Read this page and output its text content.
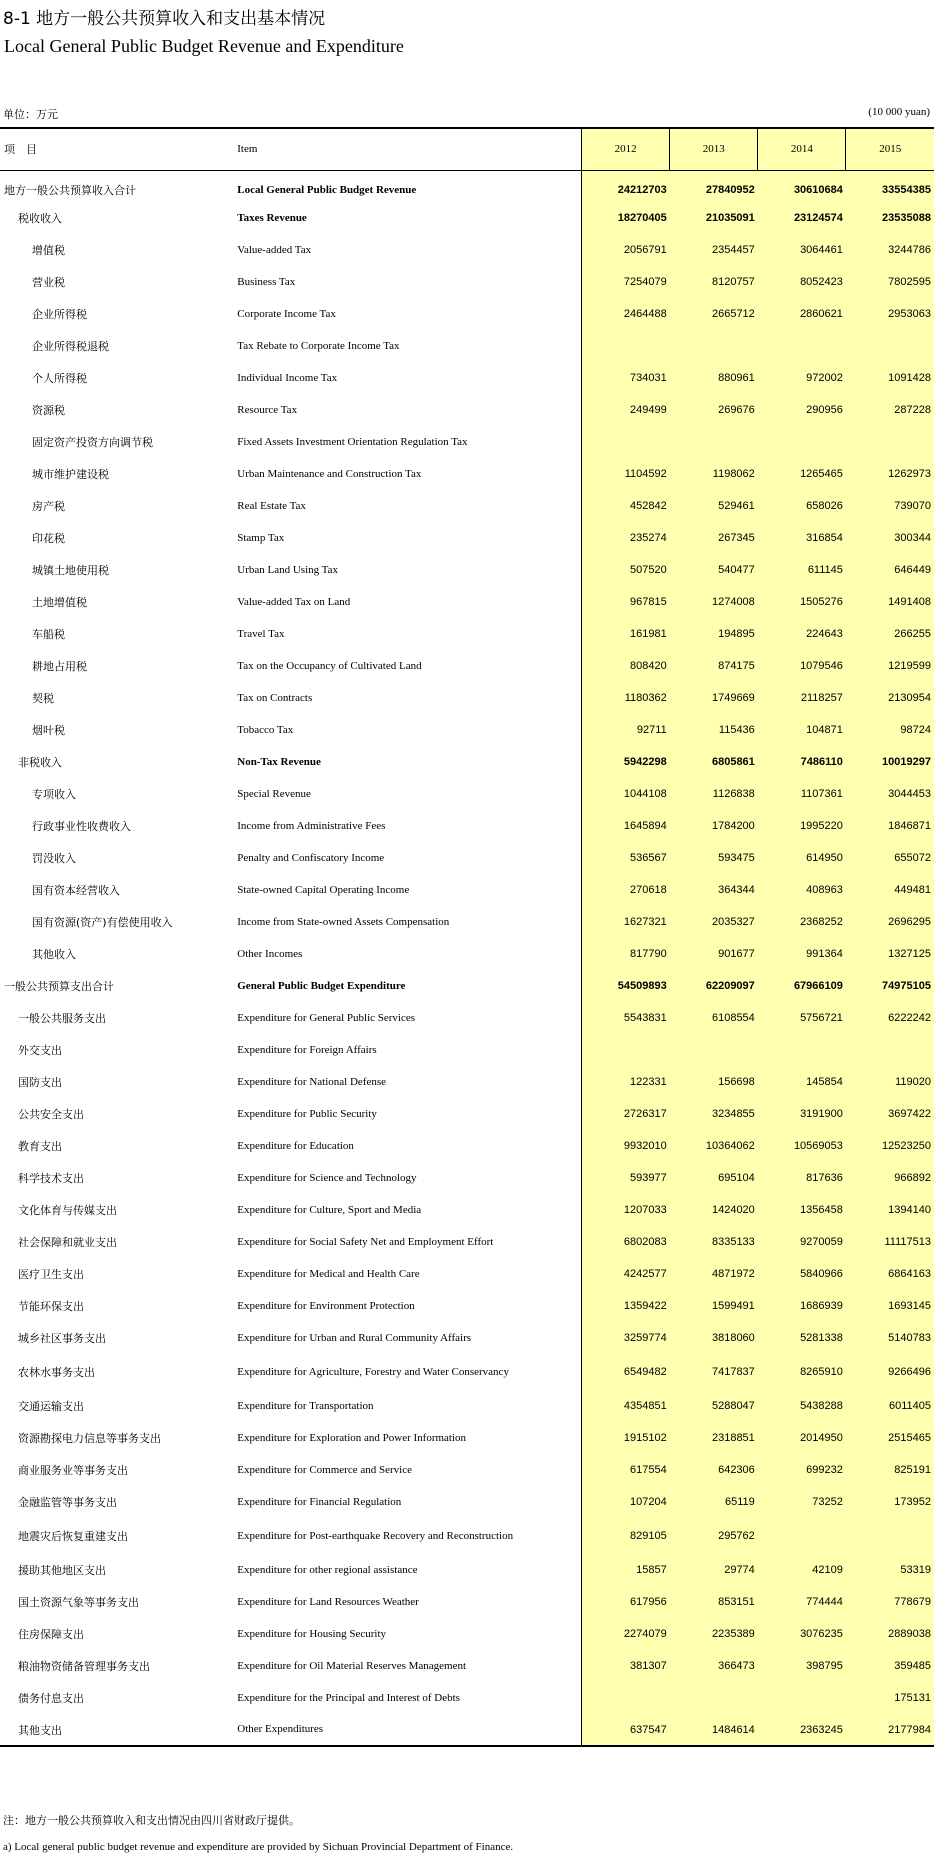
8-1 地方一般公共预算收入和支出基本情况
Local General Public Budget Revenue and Expenditure
单位：万元	(10 000 yuan)
项　目	Item	2012	2013	2014	2015
地方一般公共预算收入合计	Local General Public Budget Revenue	24212703	27840952	30610684	33554385
税收收入	Taxes Revenue	18270405	21035091	23124574	23535088
增值税	Value-added Tax	2056791	2354457	3064461	3244786
营业税	Business Tax	7254079	8120757	8052423	7802595
企业所得税	Corporate Income Tax	2464488	2665712	2860621	2953063
企业所得税退税	Tax Rebate to Corporate Income Tax				
个人所得税	Individual Income Tax	734031	880961	972002	1091428
资源税	Resource Tax	249499	269676	290956	287228
固定资产投资方向调节税	Fixed Assets Investment Orientation Regulation Tax				
城市维护建设税	Urban Maintenance and Construction Tax	1104592	1198062	1265465	1262973
房产税	Real Estate Tax	452842	529461	658026	739070
印花税	Stamp Tax	235274	267345	316854	300344
城镇土地使用税	Urban Land Using Tax	507520	540477	611145	646449
土地增值税	Value-added Tax on Land	967815	1274008	1505276	1491408
车船税	Travel Tax	161981	194895	224643	266255
耕地占用税	Tax on the Occupancy of Cultivated Land	808420	874175	1079546	1219599
契税	Tax on Contracts	1180362	1749669	2118257	2130954
烟叶税	Tobacco Tax	92711	115436	104871	98724
非税收入	Non-Tax Revenue	5942298	6805861	7486110	10019297
专项收入	Special Revenue	1044108	1126838	1107361	3044453
行政事业性收费收入	Income from Administrative Fees	1645894	1784200	1995220	1846871
罚没收入	Penalty and Confiscatory Income	536567	593475	614950	655072
国有资本经营收入	State-owned Capital Operating Income	270618	364344	408963	449481
国有资源(资产)有偿使用收入	Income from State-owned Assets Compensation	1627321	2035327	2368252	2696295
其他收入	Other Incomes	817790	901677	991364	1327125
一般公共预算支出合计	General Public Budget Expenditure	54509893	62209097	67966109	74975105
一般公共服务支出	Expenditure for General Public Services	5543831	6108554	5756721	6222242
外交支出	Expenditure for Foreign Affairs				
国防支出	Expenditure for National Defense	122331	156698	145854	119020
公共安全支出	Expenditure for Public Security	2726317	3234855	3191900	3697422
教育支出	Expenditure for Education	9932010	10364062	10569053	12523250
科学技术支出	Expenditure for Science and Technology	593977	695104	817636	966892
文化体育与传媒支出	Expenditure for Culture, Sport and Media	1207033	1424020	1356458	1394140
社会保障和就业支出	Expenditure for Social Safety Net and Employment Effort	6802083	8335133	9270059	11117513
医疗卫生支出	Expenditure for Medical and Health Care	4242577	4871972	5840966	6864163
节能环保支出	Expenditure for Environment Protection	1359422	1599491	1686939	1693145
城乡社区事务支出	Expenditure for Urban and Rural Community Affairs	3259774	3818060	5281338	5140783
农林水事务支出	Expenditure for Agriculture, Forestry and Water Conservancy	6549482	7417837	8265910	9266496
交通运输支出	Expenditure for Transportation	4354851	5288047	5438288	6011405
资源勘探电力信息等事务支出	Expenditure for Exploration and Power Information	1915102	2318851	2014950	2515465
商业服务业等事务支出	Expenditure for Commerce and Service	617554	642306	699232	825191
金融监管等事务支出	Expenditure for Financial Regulation	107204	65119	73252	173952
地震灾后恢复重建支出	Expenditure for Post-earthquake Recovery and Reconstruction	829105	295762		
援助其他地区支出	Expenditure for other regional assistance	15857	29774	42109	53319
国土资源气象等事务支出	Expenditure for Land Resources Weather	617956	853151	774444	778679
住房保障支出	Expenditure for Housing Security	2274079	2235389	3076235	2889038
粮油物资储备管理事务支出	Expenditure for Oil Material Reserves Management	381307	366473	398795	359485
债务付息支出	Expenditure for the Principal and Interest of Debts				175131
其他支出	Other Expenditures	637547	1484614	2363245	2177984
注：地方一般公共预算收入和支出情况由四川省财政厅提供。
a) Local general public budget revenue and expenditure are provided by Sichuan Provincial Department of Finance.
